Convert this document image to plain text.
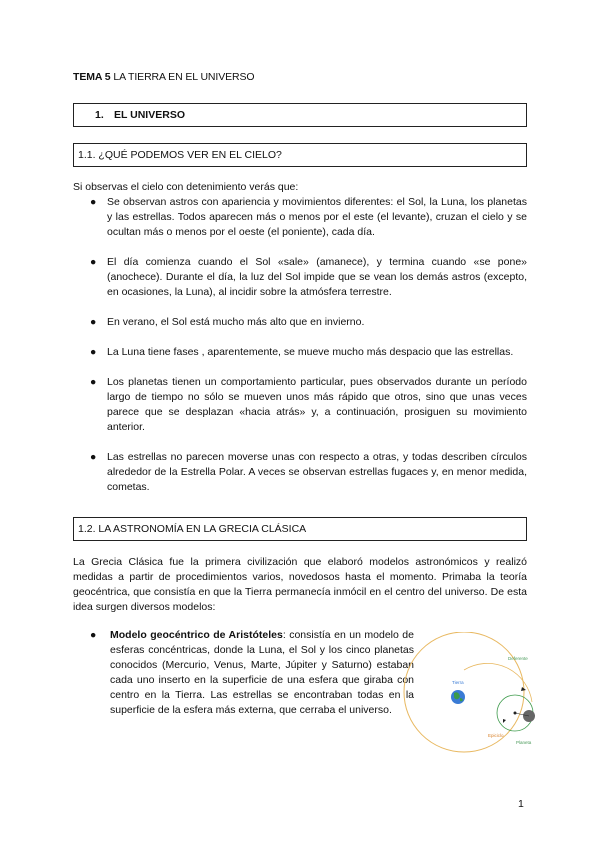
TEMA 5 LA TIERRA EN EL UNIVERSO
1. EL UNIVERSO
1.1. ¿QUÉ PODEMOS VER EN EL CIELO?
Si observas el cielo con detenimiento verás que:
● Se observan astros con apariencia y movimientos diferentes: el Sol, la Luna, los planetas y las estrellas. Todos aparecen más o menos por el este (el levante), cruzan el cielo y se ocultan más o menos por el oeste (el poniente), cada día.
● El día comienza cuando el Sol «sale» (amanece), y termina cuando «se pone» (anochece). Durante el día, la luz del Sol impide que se vean los demás astros (excepto, en ocasiones, la Luna), al incidir sobre la atmósfera terrestre.
● En verano, el Sol está mucho más alto que en invierno.
● La Luna tiene fases , aparentemente, se mueve mucho más despacio que las estrellas.
● Los planetas tienen un comportamiento particular, pues observados durante un período largo de tiempo no sólo se mueven unos más rápido que otros, sino que unas veces parece que se desplazan «hacia atrás» y, a continuación, prosiguen su movimiento anterior.
● Las estrellas no parecen moverse unas con respecto a otras, y todas describen círculos alrededor de la Estrella Polar. A veces se observan estrellas fugaces y, en menor medida, cometas.
1.2. LA ASTRONOMÍA EN LA GRECIA CLÁSICA
La Grecia Clásica fue la primera civilización que elaboró modelos astronómicos y realizó medidas a partir de procedimientos varios, novedosos hasta el momento. Primaba la teoría geocéntrica, que consistía en que la Tierra permanecía inmócil en el centro del universo. De esta idea surgen diversos modelos:
● Modelo geocéntrico de Aristóteles: consistía en un modelo de esferas concéntricas, donde la Luna, el Sol y los cinco planetas conocidos (Mercurio, Venus, Marte, Júpiter y Saturno) estaban cada uno inserto en la superficie de una esfera que giraba con centro en la Tierra. Las estrellas se encontraban todas en la superficie de la esfera más externa, que cerraba el universo.
Tierra
Deferente
Epiciclo
Planeta
1
